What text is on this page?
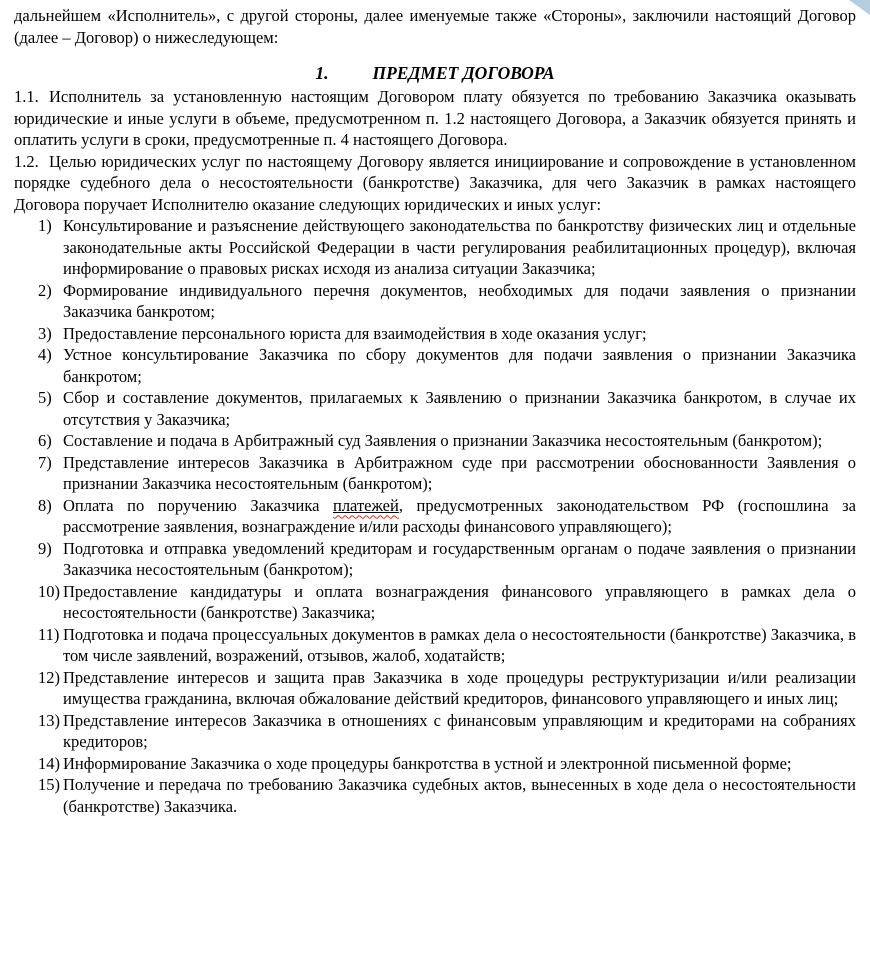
дальнейшем «Исполнитель», с другой стороны, далее именуемые также «Стороны», заключили настоящий Договор (далее – Договор) о нижеследующем:

1.	ПРЕДМЕТ ДОГОВОРА

1.1. Исполнитель за установленную настоящим Договором плату обязуется по требованию Заказчика оказывать юридические и иные услуги в объеме, предусмотренном п. 1.2 настоящего Договора, а Заказчик обязуется принять и оплатить услуги в сроки, предусмотренные п. 4 настоящего Договора.

1.2. Целью юридических услуг по настоящему Договору является инициирование и сопровождение в установленном порядке судебного дела о несостоятельности (банкротстве) Заказчика, для чего Заказчик в рамках настоящего Договора поручает Исполнителю оказание следующих юридических и иных услуг:

1) Консультирование и разъяснение действующего законодательства по банкротству физических лиц и отдельные законодательные акты Российской Федерации в части регулирования реабилитационных процедур), включая информирование о правовых рисках исходя из анализа ситуации Заказчика;

2) Формирование индивидуального перечня документов, необходимых для подачи заявления о признании Заказчика банкротом;

3) Предоставление персонального юриста для взаимодействия в ходе оказания услуг;

4) Устное консультирование Заказчика по сбору документов для подачи заявления о признании Заказчика банкротом;

5) Сбор и составление документов, прилагаемых к Заявлению о признании Заказчика банкротом, в случае их отсутствия у Заказчика;

6) Составление и подача в Арбитражный суд Заявления о признании Заказчика несостоятельным (банкротом);

7) Представление интересов Заказчика в Арбитражном суде при рассмотрении обоснованности Заявления о признании Заказчика несостоятельным (банкротом);

8) Оплата по поручению Заказчика платежей, предусмотренных законодательством РФ (госпошлина за рассмотрение заявления, вознаграждение и/или расходы финансового управляющего);

9) Подготовка и отправка уведомлений кредиторам и государственным органам о подаче заявления о признании Заказчика несостоятельным (банкротом);

10) Предоставление кандидатуры и оплата вознаграждения финансового управляющего в рамках дела о несостоятельности (банкротстве) Заказчика;

11) Подготовка и подача процессуальных документов в рамках дела о несостоятельности (банкротстве) Заказчика, в том числе заявлений, возражений, отзывов, жалоб, ходатайств;

12) Представление интересов и защита прав Заказчика в ходе процедуры реструктуризации и/или реализации имущества гражданина, включая обжалование действий кредиторов, финансового управляющего и иных лиц;

13) Представление интересов Заказчика в отношениях с финансовым управляющим и кредиторами на собраниях кредиторов;

14) Информирование Заказчика о ходе процедуры банкротства в устной и электронной письменной форме;

15) Получение и передача по требованию Заказчика судебных актов, вынесенных в ходе дела о несостоятельности (банкротстве) Заказчика.
